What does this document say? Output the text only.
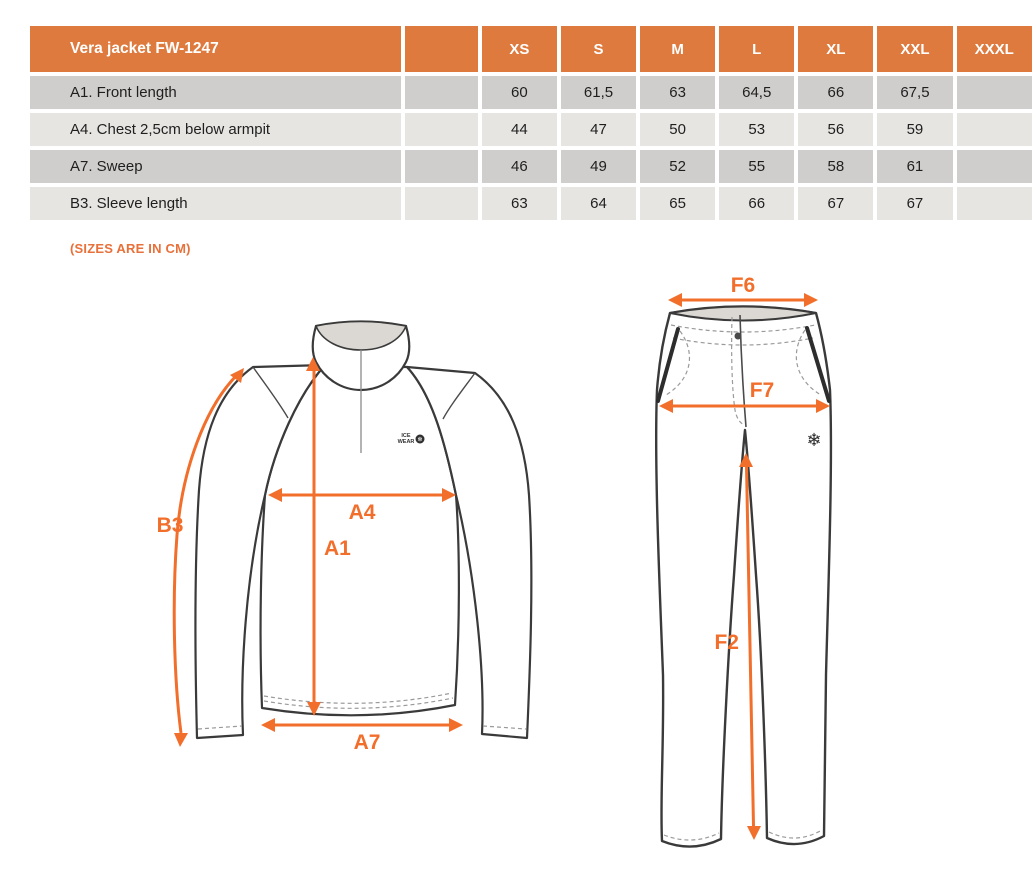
Vera jacket FW-1247		XS	S	M	L	XL	XXL	XXXL
A1. Front length		60	61,5	63	64,5	66	67,5	
A4. Chest 2,5cm below armpit		44	47	50	53	56	59	
A7. Sweep		46	49	52	55	58	61	
B3. Sleeve length		63	64	65	66	67	67	
(SIZES ARE IN CM)
ICE
WEAR ❄
B3
A4
A1
A7
❄
F6
F7
F2
